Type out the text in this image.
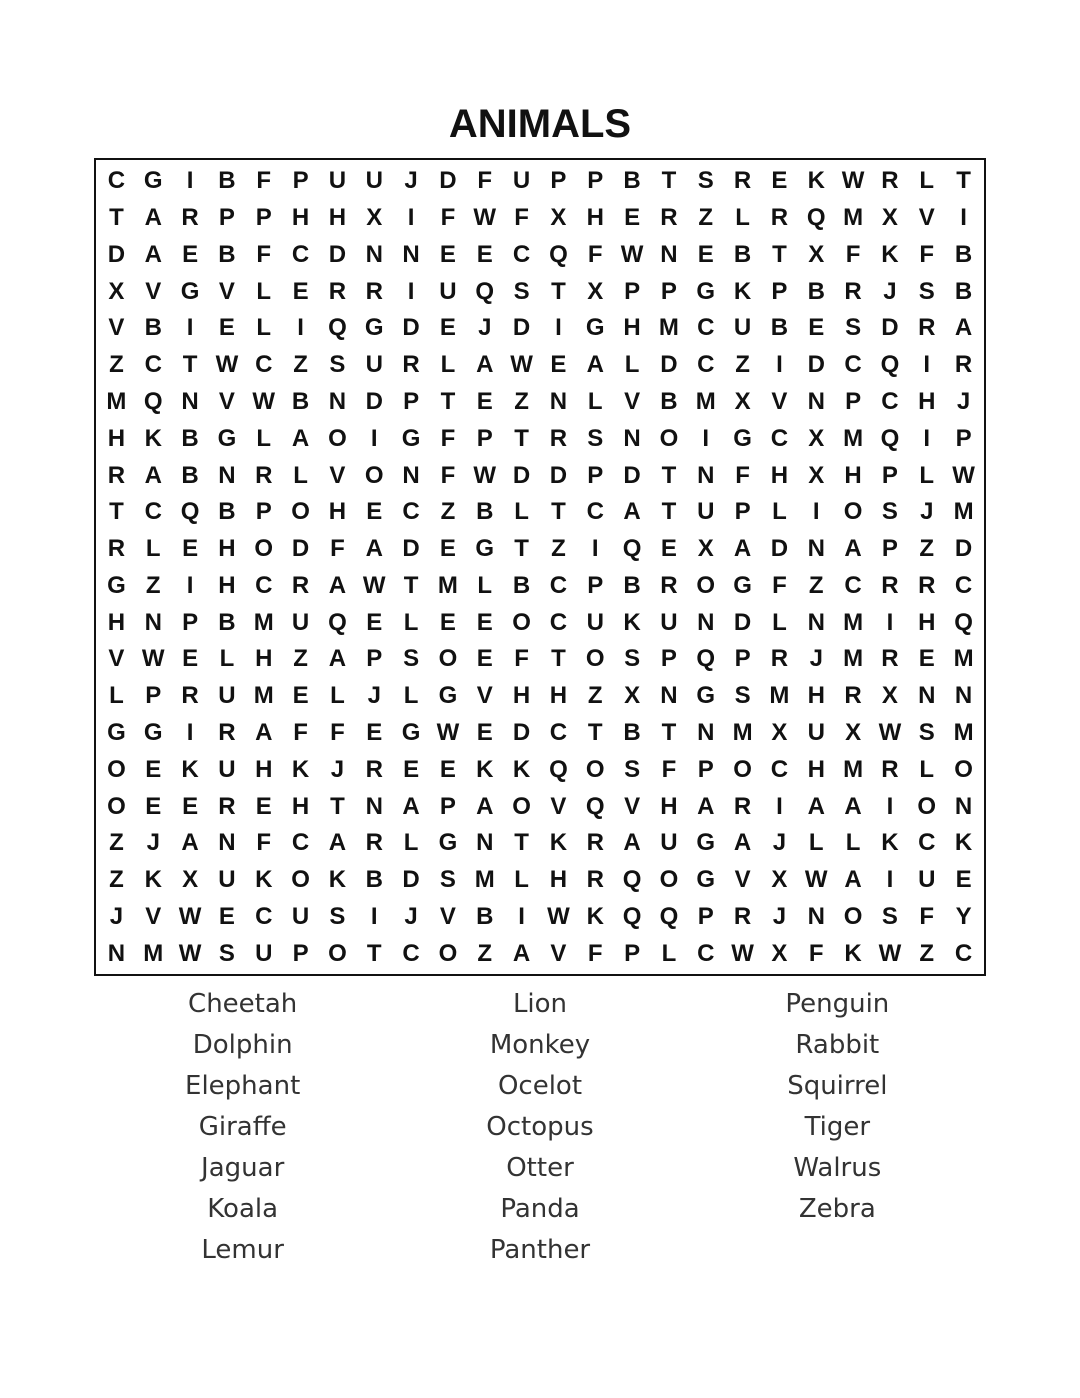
ANIMALS
C G	I	B F P U U J D F U P P B T S R E K W R L T
T A R P P H H X	I	F W F X H E R Z L R Q M X V	I
D A E B F C D N N E E C Q F W N E B T X F K F B
X V G V L E R R	I	U Q S T X P P G K P B R J S B
V B	I	E L	I	Q G D E J D	I	G H M C U B E S D R A
Z C T W C Z S U R L A W E A L D C Z	I	D C Q	I	R
M Q N V W B N D P T E Z N L V B M X V N P C H J
H K B G L A O	I	G F P T R S N O	I	G C X M Q	I	P
R A B N R L V O N F W D D P D T N F H X H P L W
T C Q B P O H E C Z B L T C A T U P L	I	O S J M
R L E H O D F A D E G T Z	I	Q E X A D N A P Z D
G Z	I	H C R A W T M L B C P B R O G F Z C R R C
H N P B M U Q E L E E O C U K U N D L N M I	H Q
V W E L H Z A P S O E F T O S P Q P R J M R E M
L P R U M E L J L G V H H Z X N G S M H R X N N
G G	I	R A F F E G W E D C T B T N M X U X W S M
O E K U H K J R E E K K Q O S F P O C H M R L O
O E E R E H T N A P A O V Q V H A R	I	A A	I	O N
Z J A N F C A R L G N T K R A U G A J L L K C K
Z K X U K O K B D S M L H R Q O G V X W A	I	U E
J V W E C U S	I	J V B	I W K Q Q P R J N O S F Y
N M W S U P O T C O Z A V F P L C W X F K W Z C
Cheetah
Dolphin
Elephant
Giraffe
Jaguar
Koala
Lemur
Lion
Monkey
Ocelot
Octopus
Otter
Panda
Panther
Penguin
Rabbit
Squirrel
Tiger
Walrus
Zebra
